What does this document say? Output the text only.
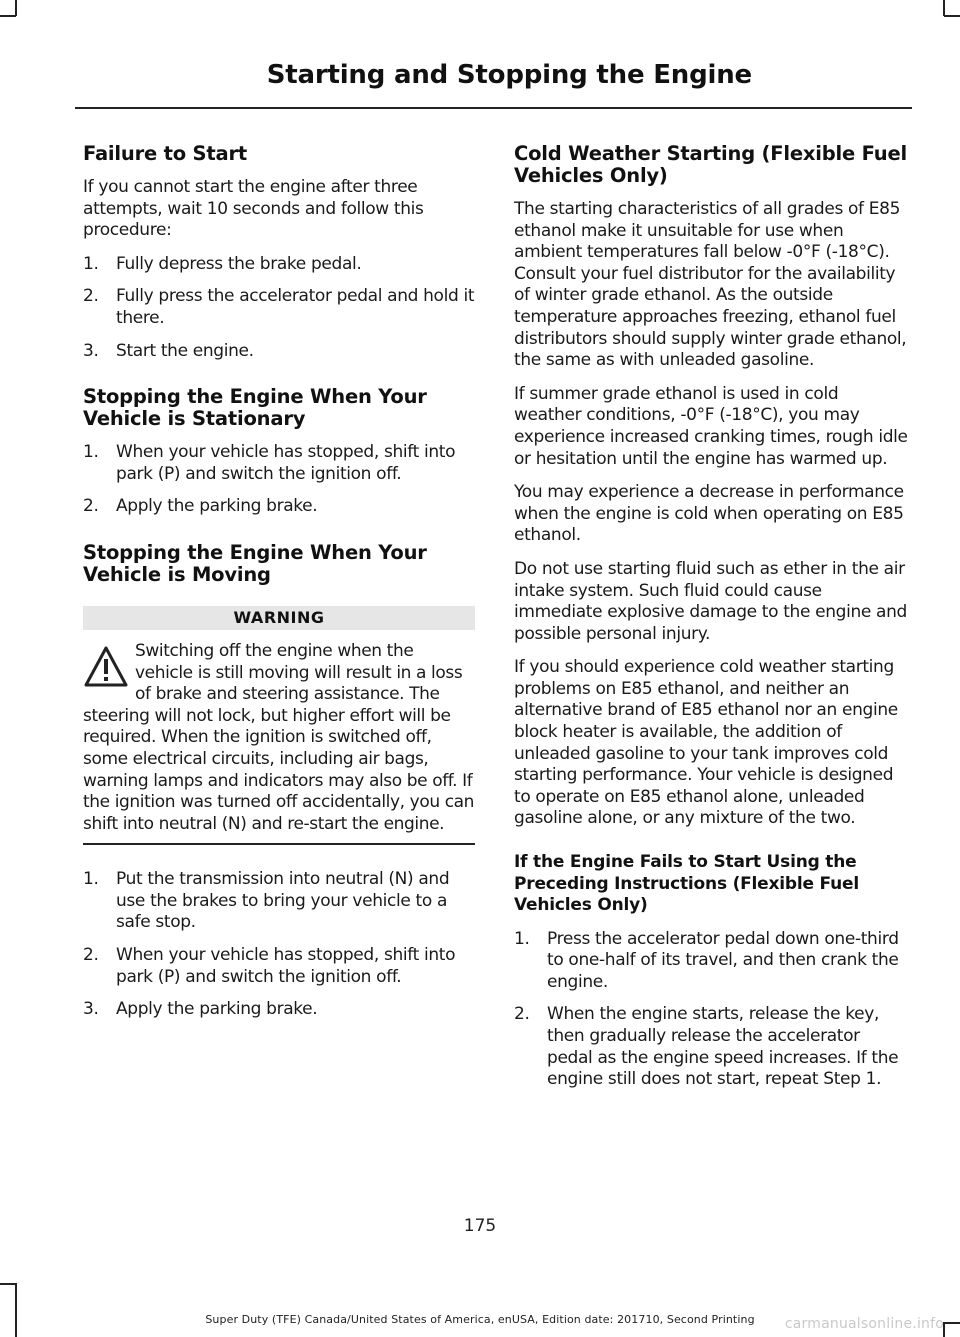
Starting and Stopping the Engine
Failure to Start

If you cannot start the engine after three attempts, wait 10 seconds and follow this procedure:

1. Fully depress the brake pedal.
2. Fully press the accelerator pedal and hold it there.
3. Start the engine.
Stopping the Engine When Your Vehicle is Stationary
1. When your vehicle has stopped, shift into park (P) and switch the ignition off.
2. Apply the parking brake.
Stopping the Engine When Your Vehicle is Moving
WARNING
Switching off the engine when the vehicle is still moving will result in a loss of brake and steering assistance. The steering will not lock, but higher effort will be required. When the ignition is switched off, some electrical circuits, including air bags, warning lamps and indicators may also be off. If the ignition was turned off accidentally, you can shift into neutral (N) and re-start the engine.
1. Put the transmission into neutral (N) and use the brakes to bring your vehicle to a safe stop.
2. When your vehicle has stopped, shift into park (P) and switch the ignition off.
3. Apply the parking brake.
Cold Weather Starting (Flexible Fuel Vehicles Only)

The starting characteristics of all grades of E85 ethanol make it unsuitable for use when ambient temperatures fall below -0°F (-18°C). Consult your fuel distributor for the availability of winter grade ethanol. As the outside temperature approaches freezing, ethanol fuel distributors should supply winter grade ethanol, the same as with unleaded gasoline.

If summer grade ethanol is used in cold weather conditions, -0°F (-18°C), you may experience increased cranking times, rough idle or hesitation until the engine has warmed up.

You may experience a decrease in performance when the engine is cold when operating on E85 ethanol.

Do not use starting fluid such as ether in the air intake system. Such fluid could cause immediate explosive damage to the engine and possible personal injury.

If you should experience cold weather starting problems on E85 ethanol, and neither an alternative brand of E85 ethanol nor an engine block heater is available, the addition of unleaded gasoline to your tank improves cold starting performance. Your vehicle is designed to operate on E85 ethanol alone, unleaded gasoline alone, or any mixture of the two.

If the Engine Fails to Start Using the Preceding Instructions (Flexible Fuel Vehicles Only)
1. Press the accelerator pedal down one-third to one-half of its travel, and then crank the engine.
2. When the engine starts, release the key, then gradually release the accelerator pedal as the engine speed increases. If the engine still does not start, repeat Step 1.
175
Super Duty (TFE) Canada/United States of America, enUSA, Edition date: 201710, Second Printing	carmanualsonline.info
